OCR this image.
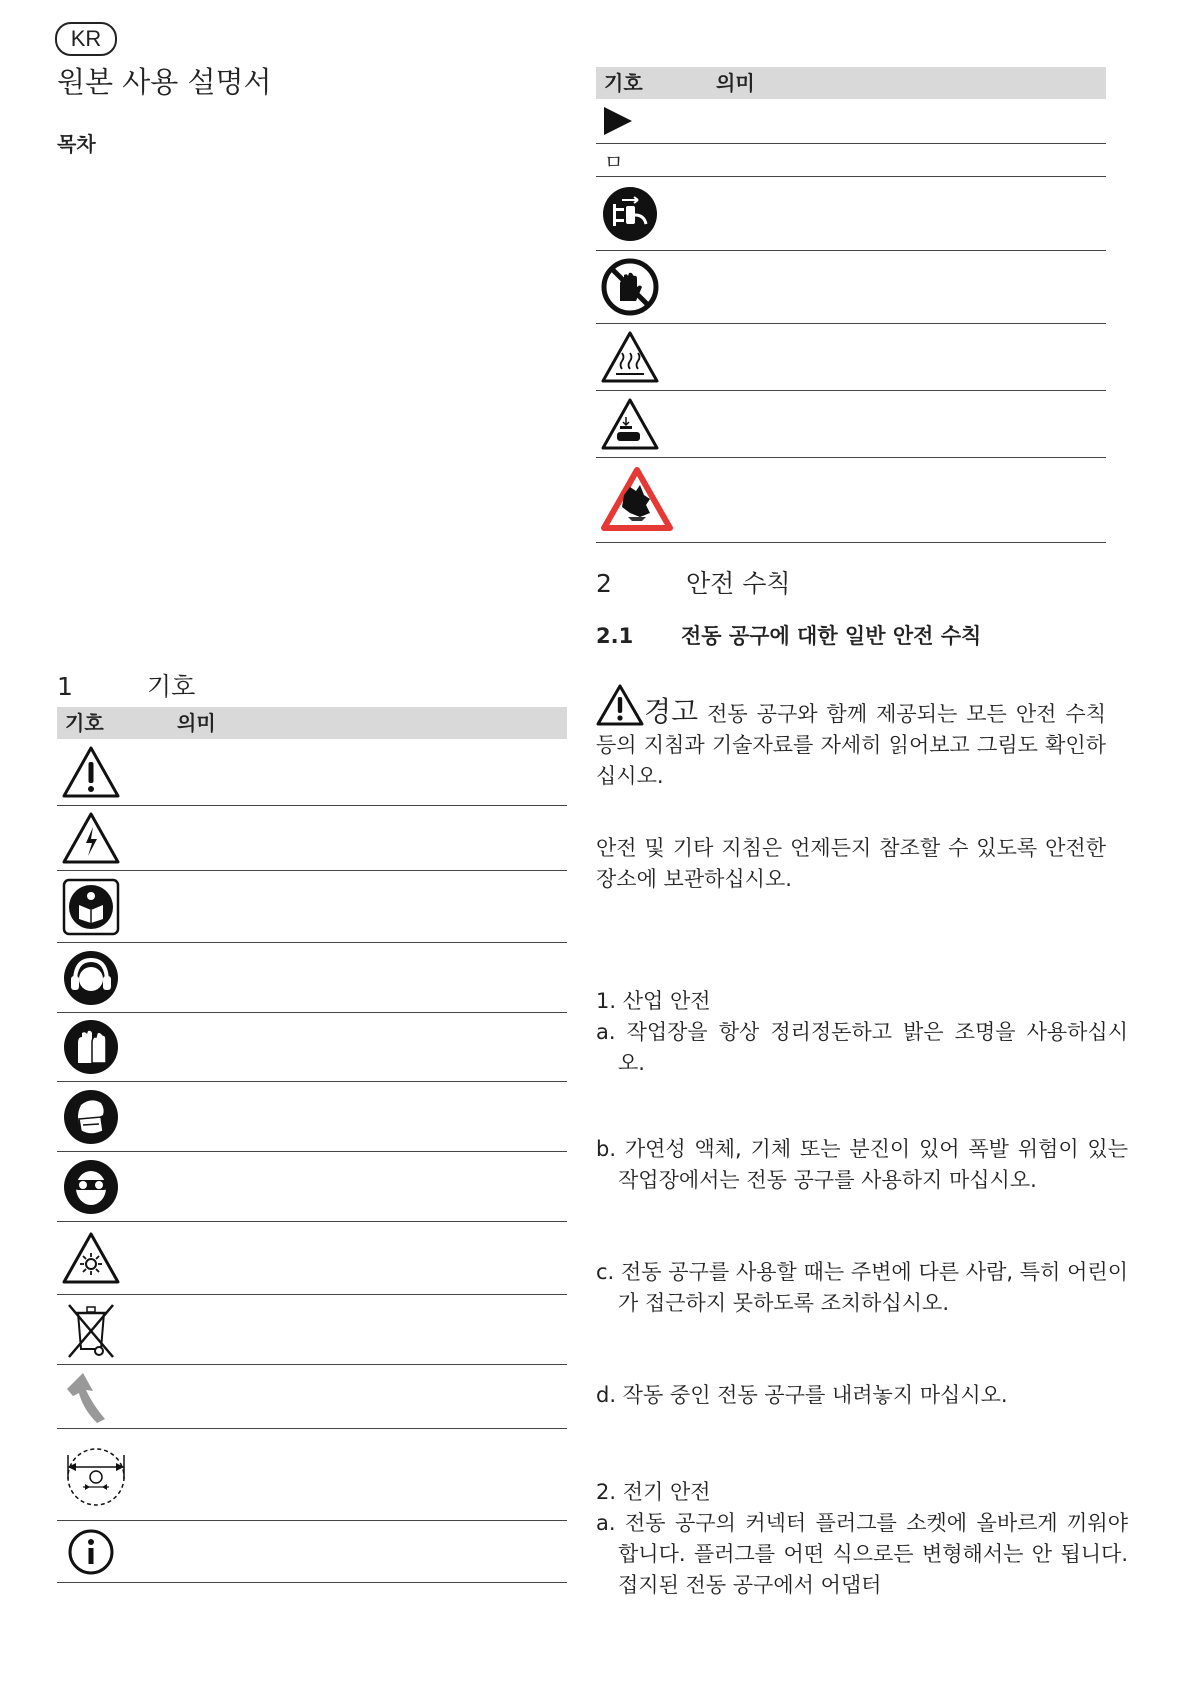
KR
원본 사용 설명서
목차
1	기호
기호	의미
기호	의미
ㅁ
2	안전 수칙
2.1 전동 공구에 대한 일반 안전 수칙
경고 전동 공구와 함께 제공되는 모든 안전 수칙 등의 지침과 기술자료를 자세히 읽어보고 그림도 확인하십시오.
안전 및 기타 지침은 언제든지 참조할 수 있도록 안전한 장소에 보관하십시오.
1. 산업 안전
a. 작업장을 항상 정리정돈하고 밝은 조명을 사용하십시오.
b. 가연성 액체, 기체 또는 분진이 있어 폭발 위험이 있는 작업장에서는 전동 공구를 사용하지 마십시오.
c. 전동 공구를 사용할 때는 주변에 다른 사람, 특히 어린이가 접근하지 못하도록 조치하십시오.
d. 작동 중인 전동 공구를 내려놓지 마십시오.
2. 전기 안전
a. 전동 공구의 커넥터 플러그를 소켓에 올바르게 끼워야 합니다. 플러그를 어떤 식으로든 변형해서는 안 됩니다. 접지된 전동 공구에서 어댑터
